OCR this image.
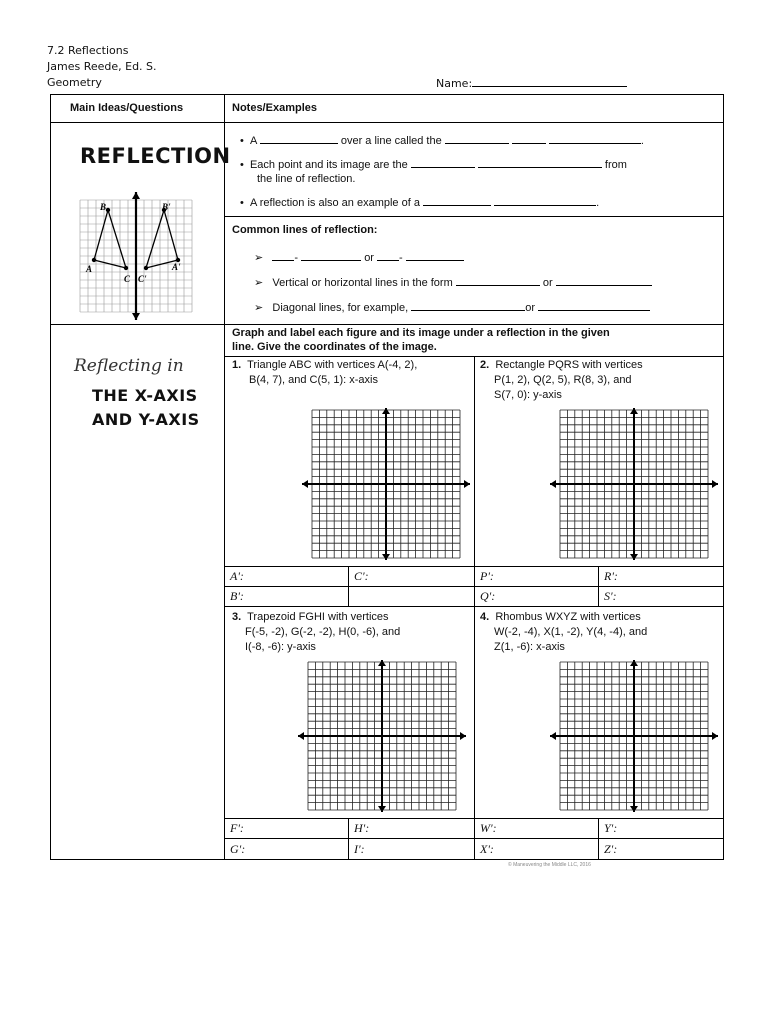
7.2 Reflections
James Reede, Ed. S.
Geometry	Name:
Main Ideas/Questions	Notes/Examples
REFLECTION
B	B'
A	A'
C C'
•  A	over a line called the	.
•  Each point and its image are the	from
the line of reflection.
•  A reflection is also an example of a	.
Common lines of reflection:
➢   -	or -
➢   Vertical or horizontal lines in the form	or
➢   Diagonal lines, for example,	or
Reflecting in
THE X-AXIS
AND Y-AXIS
Graph and label each figure and its image under a reflection in the given
line. Give the coordinates of the image.
1. Triangle ABC with vertices A(-4, 2),
B(4, 7), and C(5, 1): x-axis
2. Rectangle PQRS with vertices
P(1, 2), Q(2, 5), R(8, 3), and
S(7, 0): y-axis
3. Trapezoid FGHI with vertices
F(-5, -2), G(-2, -2), H(0, -6), and
I(-8, -6): y-axis
4. Rhombus WXYZ with vertices
W(-2, -4), X(1, -2), Y(4, -4), and
Z(1, -6): x-axis
A':	C':
B':
P':	R':
Q':	S':
F':	H':
G':	I':
W':	Y':
X':	Z':
© Maneuvering the Middle LLC, 2016
